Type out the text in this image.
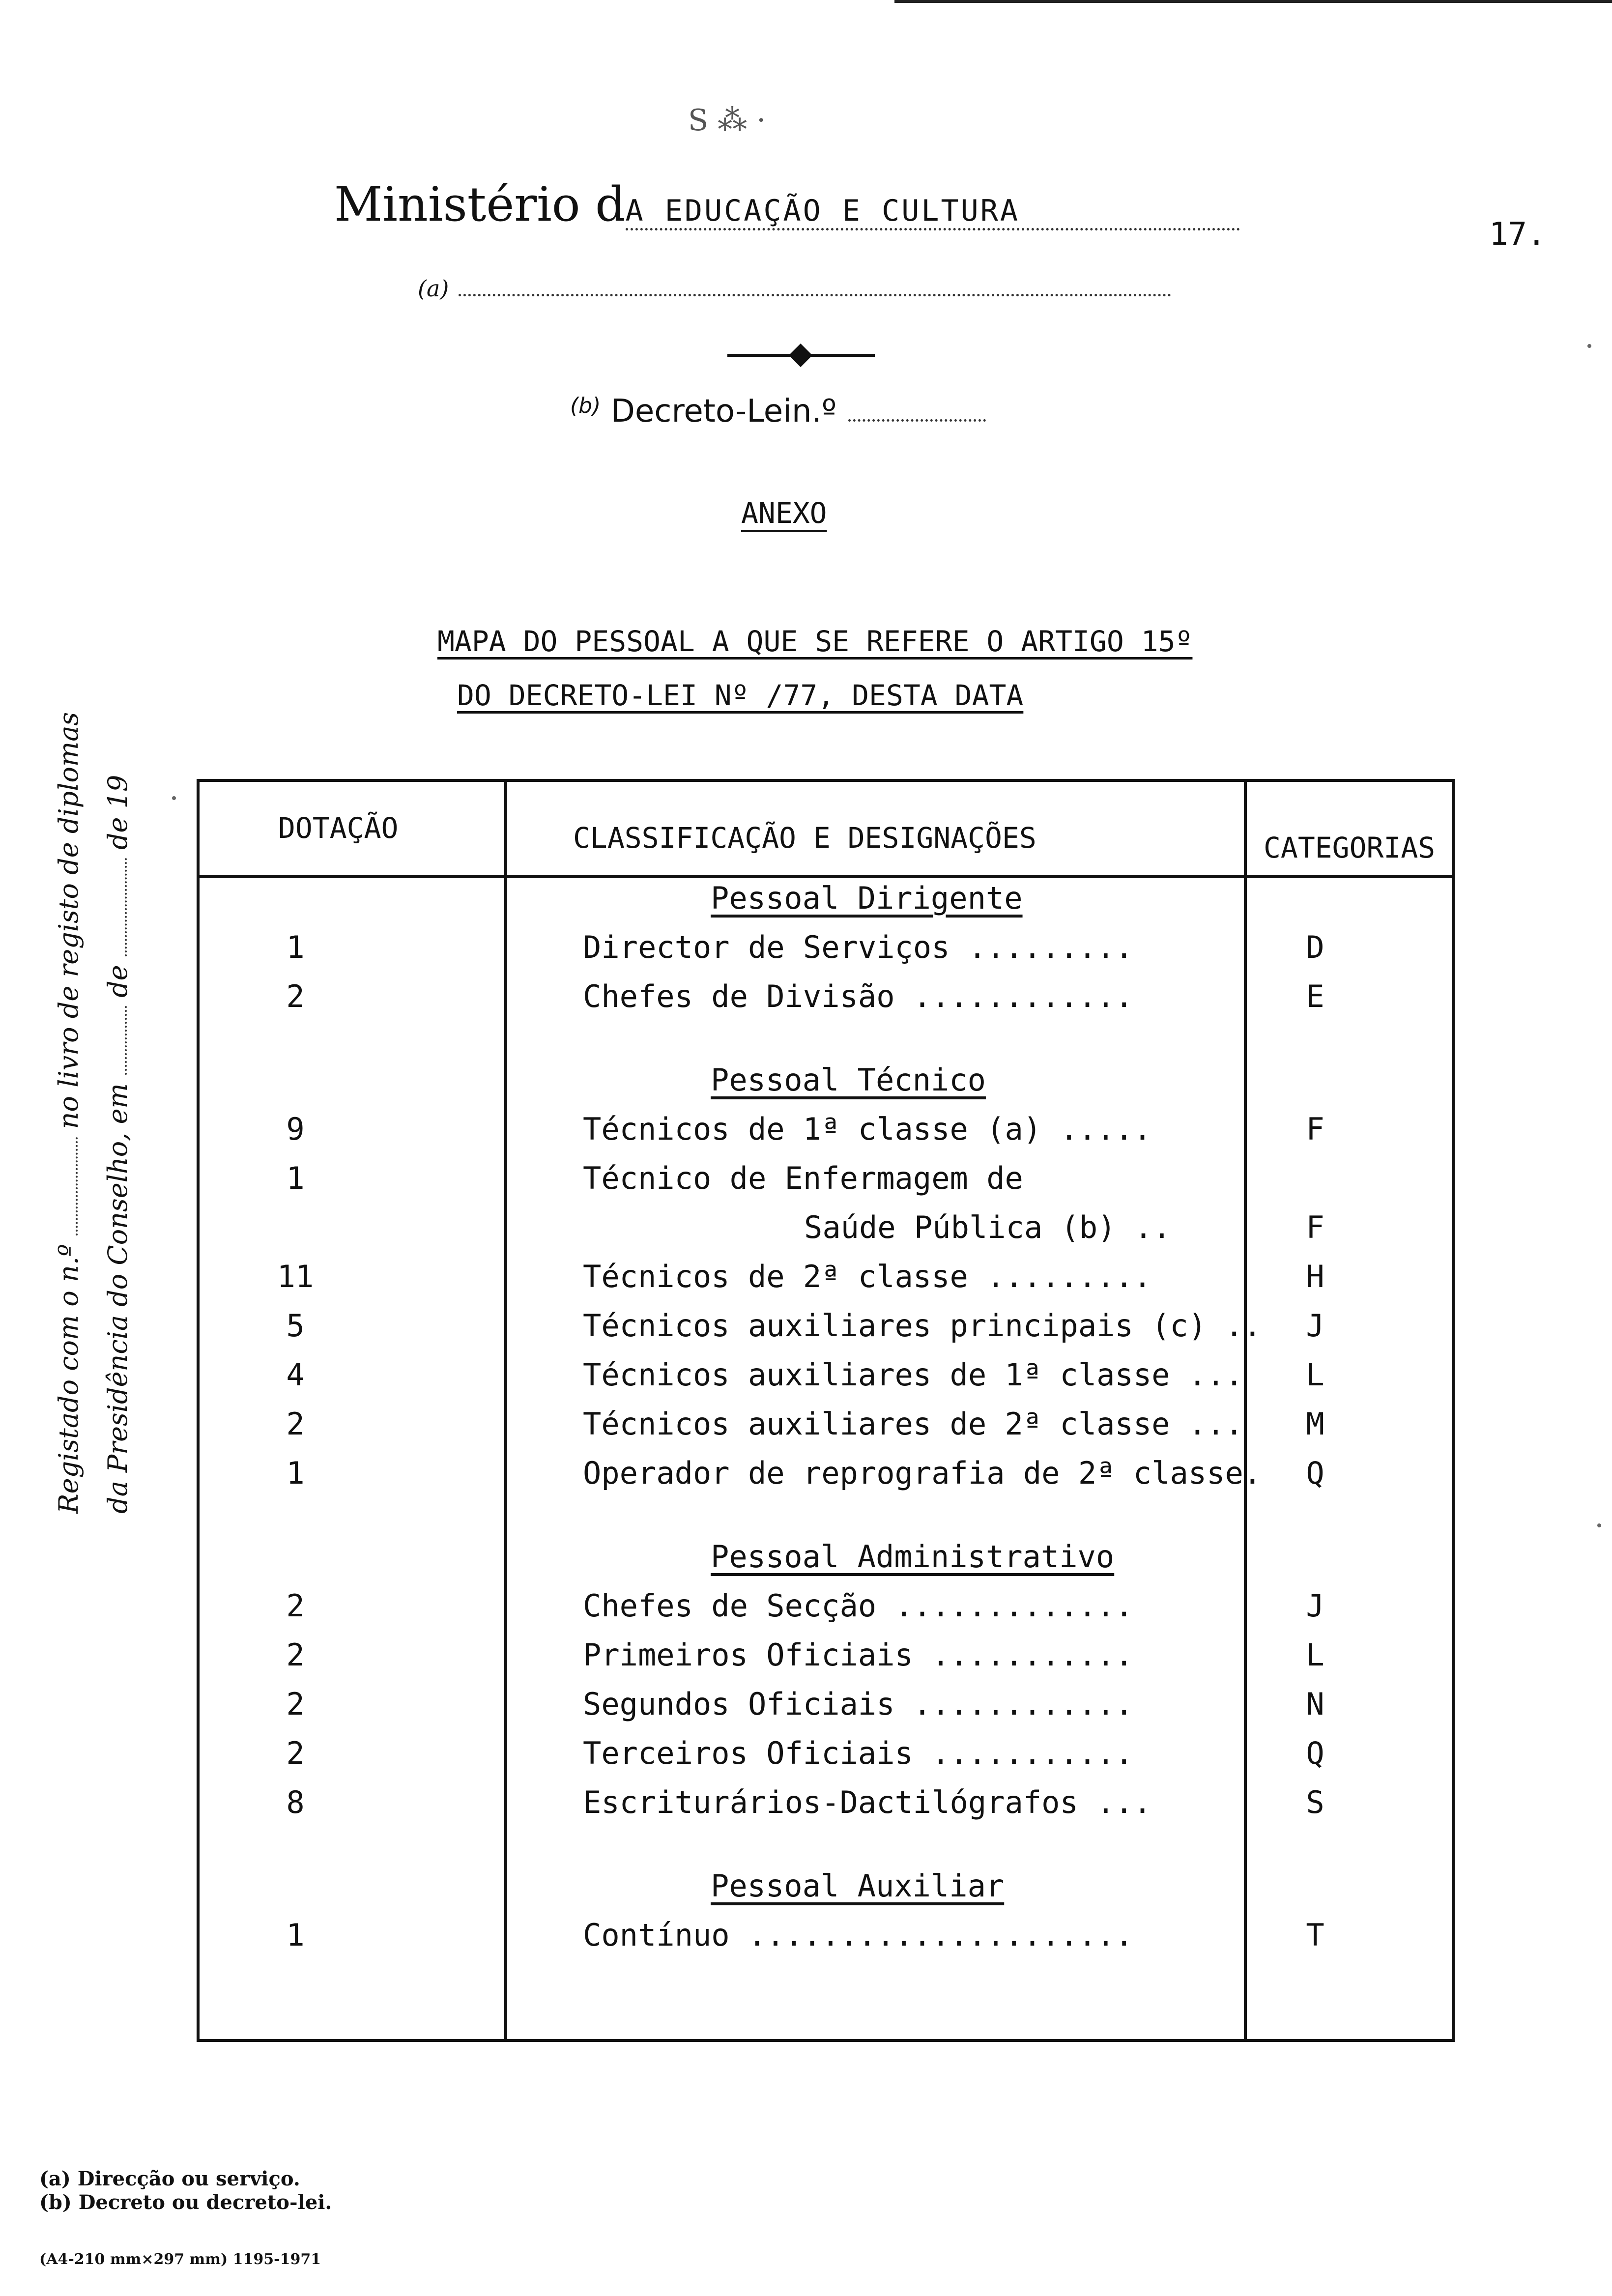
S ⁂ ·
Ministério dA EDUCAÇÃO E CULTURA
17.
(a)
$^{(b)}$ Decreto-Lein.º
ANEXO
MAPA DO PESSOAL A QUE SE REFERE O ARTIGO 15º
DO DECRETO-LEI Nº /77, DESTA DATA
Registado com o n.º  no livro de registo de diplomas
da Presidência do Conselho, em  de  de 19	DOTAÇÃO	CLASSIFICAÇÃO E DESIGNAÇÕES	CATEGORIAS
Pessoal Dirigente
1	Director de Serviços .........	D
2	Chefes de Divisão ............	E
Pessoal Técnico
9	Técnicos de 1ª classe (a) .....	F
1	Técnico de Enfermagem de
Saúde Pública (b) ..	F
11	Técnicos de 2ª classe .........	H
5	Técnicos auxiliares principais (c) ..	J
4	Técnicos auxiliares de 1ª classe ...	L
2	Técnicos auxiliares de 2ª classe ...	M
1	Operador de reprografia de 2ª classe.	Q
Pessoal Administrativo
2	Chefes de Secção .............	J
2	Primeiros Oficiais ...........	L
2	Segundos Oficiais ............	N
2	Terceiros Oficiais ...........	Q
8	Escriturários-Dactilógrafos ...	S
Pessoal Auxiliar
1	Contínuo .....................	T
(a) Direcção ou serviço.
(b) Decreto ou decreto-lei.
(A4-210 mm×297 mm) 1195-1971
